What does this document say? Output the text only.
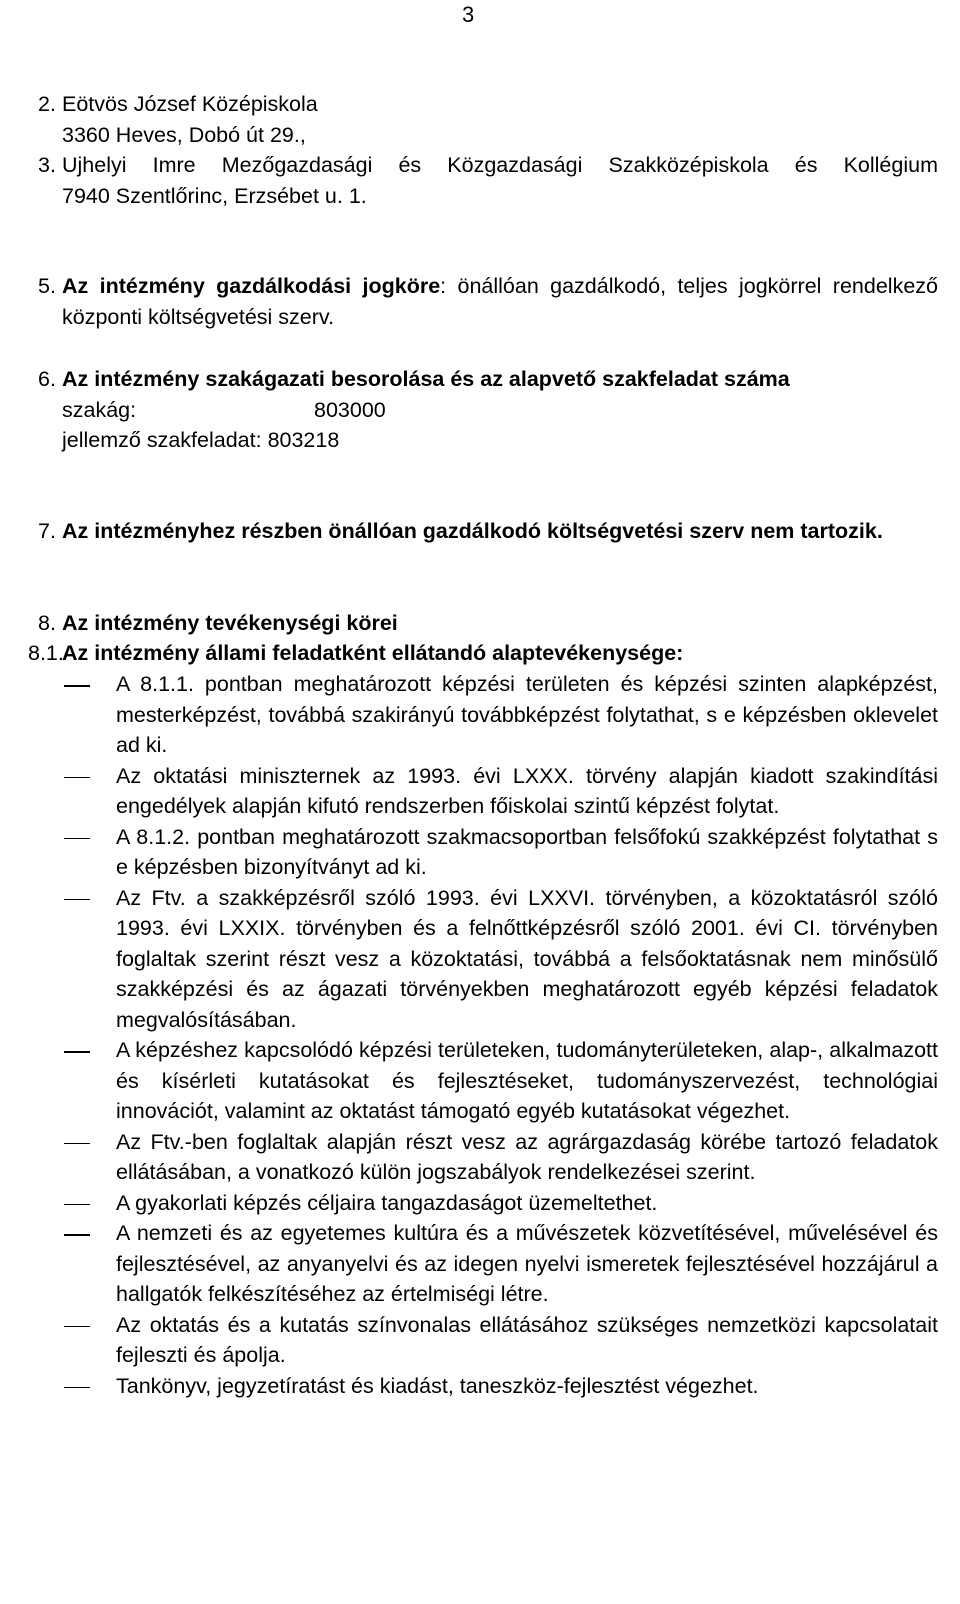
3
2. Eötvös József Középiskola
3360 Heves, Dobó út 29.,
3. Ujhelyi Imre Mezőgazdasági és Közgazdasági Szakközépiskola és Kollégium
7940 Szentlőrinc, Erzsébet u. 1.
5. Az intézmény gazdálkodási jogköre: önállóan gazdálkodó, teljes jogkörrel rendelkező központi költségvetési szerv.
6. Az intézmény szakágazati besorolása és az alapvető szakfeladat száma
szakág:	803000
jellemző szakfeladat: 803218
7. Az intézményhez részben önállóan gazdálkodó költségvetési szerv nem tartozik.
8. Az intézmény tevékenységi körei
8.1.
Az intézmény állami feladatként ellátandó alaptevékenysége:
A 8.1.1. pontban meghatározott képzési területen és képzési szinten alapképzést, mesterképzést, továbbá szakirányú továbbképzést folytathat, s e képzésben oklevelet ad ki.
Az oktatási miniszternek az 1993. évi LXXX. törvény alapján kiadott szakindítási engedélyek alapján kifutó rendszerben főiskolai szintű képzést folytat.
A 8.1.2. pontban meghatározott szakmacsoportban felsőfokú szakképzést folytathat s e képzésben bizonyítványt ad ki.
Az Ftv. a szakképzésről szóló 1993. évi LXXVI. törvényben, a közoktatásról szóló 1993. évi LXXIX. törvényben és a felnőttképzésről szóló 2001. évi CI. törvényben foglaltak szerint részt vesz a közoktatási, továbbá a felsőoktatásnak nem minősülő szakképzési és az ágazati törvényekben meghatározott egyéb képzési feladatok megvalósításában.
A képzéshez kapcsolódó képzési területeken, tudományterületeken, alap-, alkalmazott és kísérleti kutatásokat és fejlesztéseket, tudományszervezést, technológiai innovációt, valamint az oktatást támogató egyéb kutatásokat végezhet.
Az Ftv.-ben foglaltak alapján részt vesz az agrárgazdaság körébe tartozó feladatok ellátásában, a vonatkozó külön jogszabályok rendelkezései szerint.
A gyakorlati képzés céljaira tangazdaságot üzemeltethet.
A nemzeti és az egyetemes kultúra és a művészetek közvetítésével, művelésével és fejlesztésével, az anyanyelvi és az idegen nyelvi ismeretek fejlesztésével hozzájárul a hallgatók felkészítéséhez az értelmiségi létre.
Az oktatás és a kutatás színvonalas ellátásához szükséges nemzetközi kapcsolatait fejleszti és ápolja.
Tankönyv, jegyzetíratást és kiadást, taneszköz-fejlesztést végezhet.
